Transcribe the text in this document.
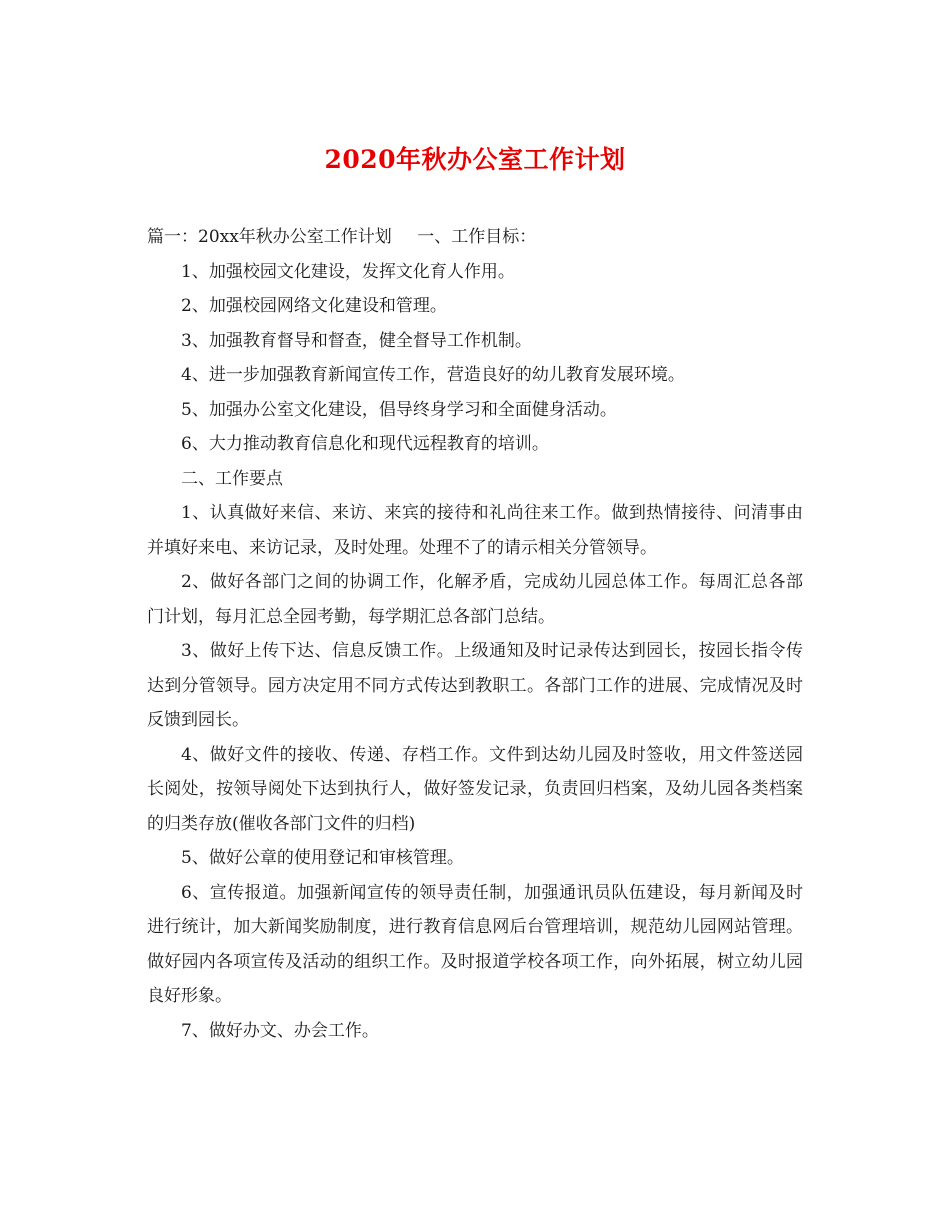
2020年秋办公室工作计划

篇一：20xx年秋办公室工作计划	一、工作目标：

1、加强校园文化建设，发挥文化育人作用。

2、加强校园网络文化建设和管理。

3、加强教育督导和督查，健全督导工作机制。

4、进一步加强教育新闻宣传工作，营造良好的幼儿教育发展环境。

5、加强办公室文化建设，倡导终身学习和全面健身活动。

6、大力推动教育信息化和现代远程教育的培训。

二、工作要点

1、认真做好来信、来访、来宾的接待和礼尚往来工作。做到热情接待、问清事由并填好来电、来访记录，及时处理。处理不了的请示相关分管领导。

2、做好各部门之间的协调工作，化解矛盾，完成幼儿园总体工作。每周汇总各部门计划，每月汇总全园考勤，每学期汇总各部门总结。

3、做好上传下达、信息反馈工作。上级通知及时记录传达到园长，按园长指令传达到分管领导。园方决定用不同方式传达到教职工。各部门工作的进展、完成情况及时反馈到园长。

4、做好文件的接收、传递、存档工作。文件到达幼儿园及时签收，用文件签送园长阅处，按领导阅处下达到执行人，做好签发记录，负责回归档案，及幼儿园各类档案的归类存放(催收各部门文件的归档)

5、做好公章的使用登记和审核管理。

6、宣传报道。加强新闻宣传的领导责任制，加强通讯员队伍建设，每月新闻及时进行统计，加大新闻奖励制度，进行教育信息网后台管理培训，规范幼儿园网站管理。做好园内各项宣传及活动的组织工作。及时报道学校各项工作，向外拓展，树立幼儿园良好形象。

7、做好办文、办会工作。
